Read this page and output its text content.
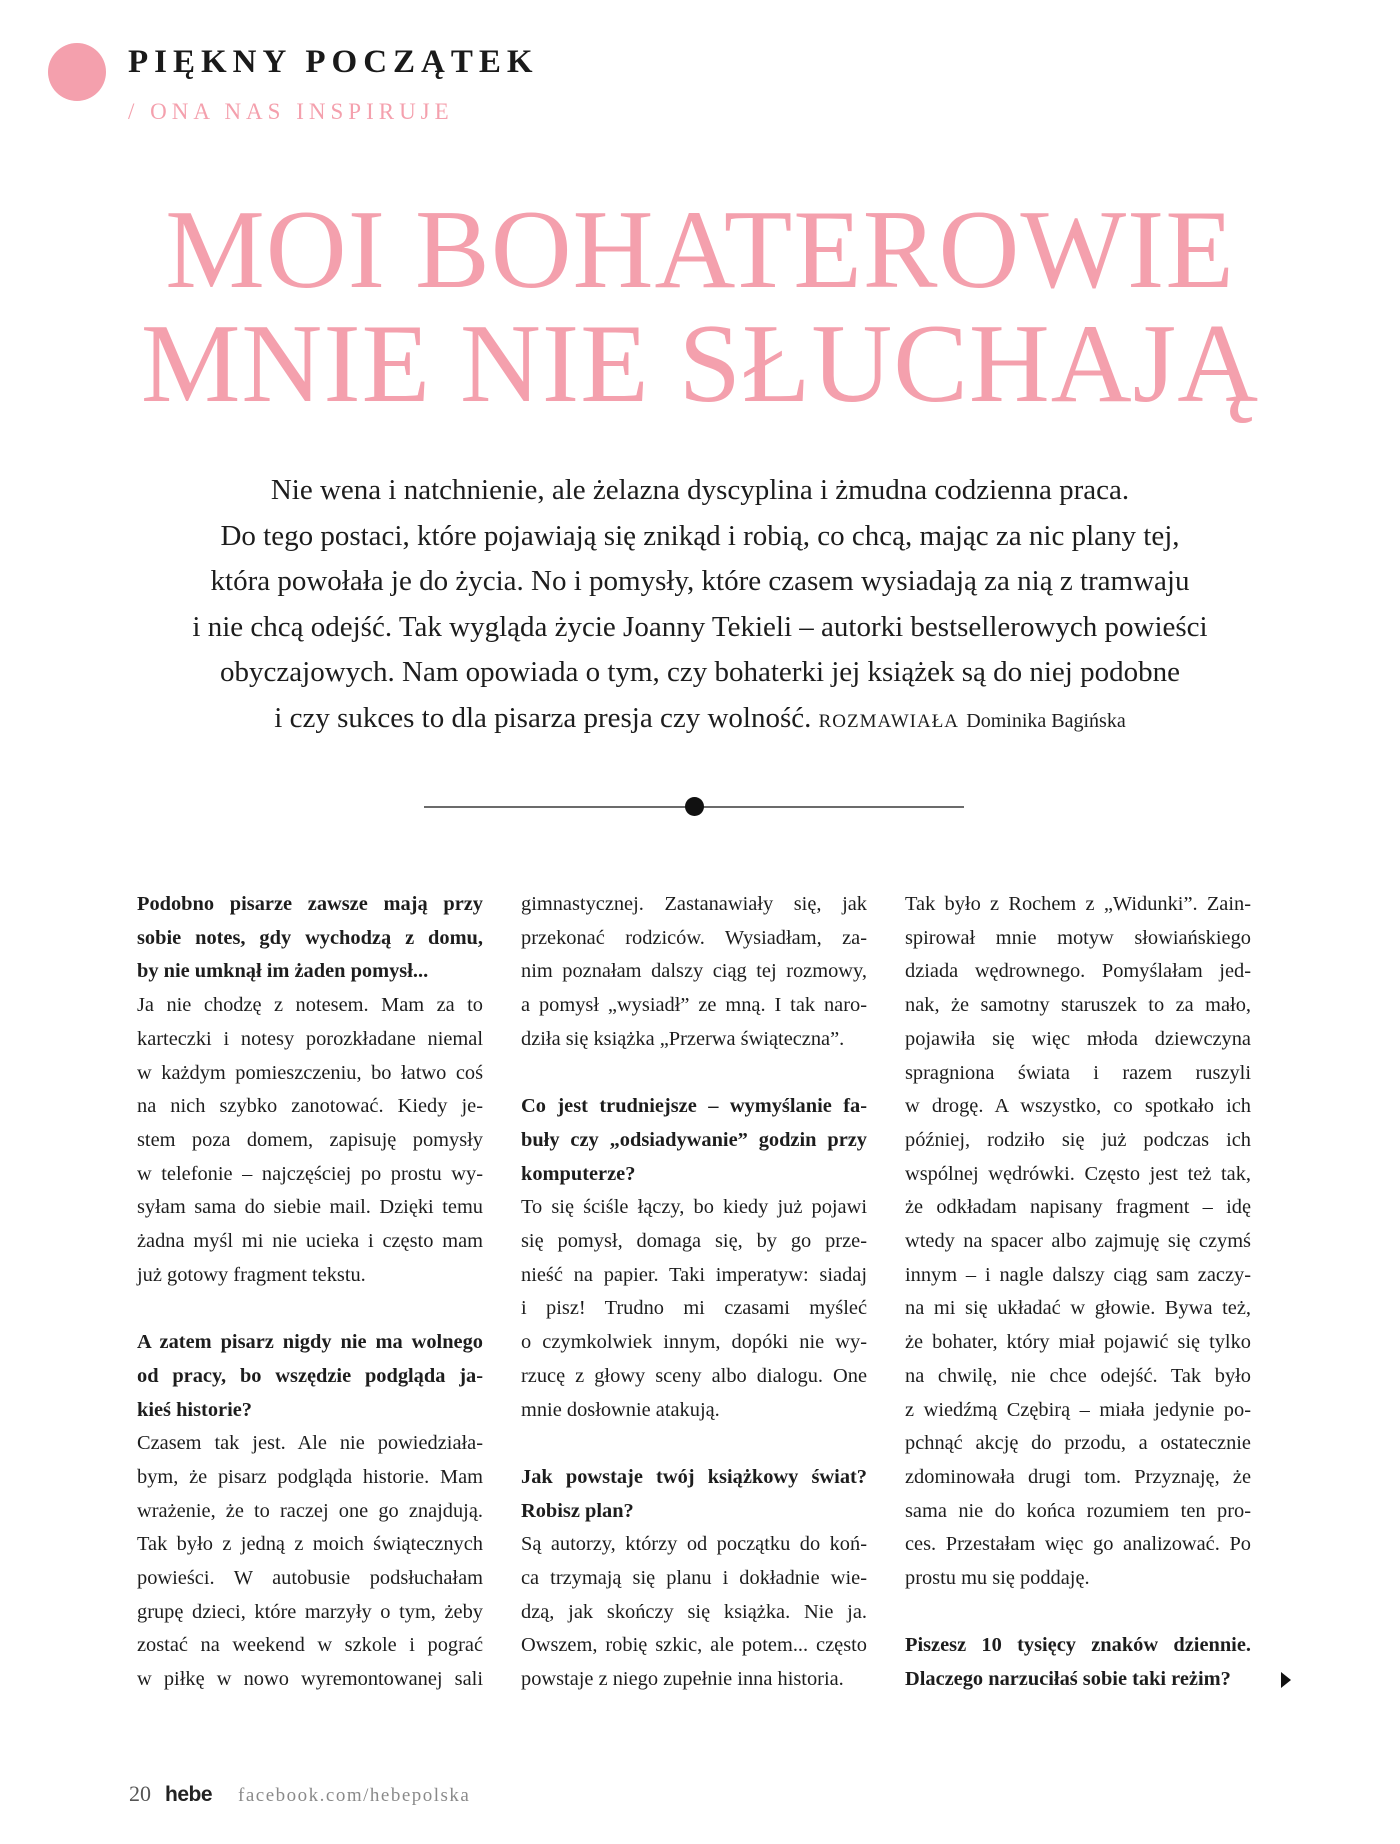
PIĘKNY POCZĄTEK
/ ONA NAS INSPIRUJE
MOI BOHATEROWIE
MNIE NIE SŁUCHAJĄ
Nie wena i natchnienie, ale żelazna dyscyplina i żmudna codzienna praca.
Do tego postaci, które pojawiają się znikąd i robią, co chcą, mając za nic plany tej,
która powołała je do życia. No i pomysły, które czasem wysiadają za nią z tramwaju
i nie chcą odejść. Tak wygląda życie Joanny Tekieli – autorki bestsellerowych powieści
obyczajowych. Nam opowiada o tym, czy bohaterki jej książek są do niej podobne
i czy sukces to dla pisarza presja czy wolność. ROZMAWIAŁA Dominika Bagińska

Podobno pisarze zawsze mają przy
sobie notes, gdy wychodzą z domu,
by nie umknął im żaden pomysł...

Ja nie chodzę z notesem. Mam za to
karteczki i notesy porozkładane niemal
w każdym pomieszczeniu, bo łatwo coś
na nich szybko zanotować. Kiedy je-
stem poza domem, zapisuję pomysły
w telefonie – najczęściej po prostu wy-
syłam sama do siebie mail. Dzięki temu
żadna myśl mi nie ucieka i często mam
już gotowy fragment tekstu.

A zatem pisarz nigdy nie ma wolnego
od pracy, bo wszędzie podgląda ja-
kieś historie?

Czasem tak jest. Ale nie powiedziała-
bym, że pisarz podgląda historie. Mam
wrażenie, że to raczej one go znajdują.
Tak było z jedną z moich świątecznych
powieści. W autobusie podsłuchałam
grupę dzieci, które marzyły o tym, żeby
zostać na weekend w szkole i pograć
w piłkę w nowo wyremontowanej sali

gimnastycznej. Zastanawiały się, jak
przekonać rodziców. Wysiadłam, za-
nim poznałam dalszy ciąg tej rozmowy,
a pomysł „wysiadł” ze mną. I tak naro-
dziła się książka „Przerwa świąteczna”.

Co jest trudniejsze – wymyślanie fa-
buły czy „odsiadywanie” godzin przy
komputerze?

To się ściśle łączy, bo kiedy już pojawi
się pomysł, domaga się, by go prze-
nieść na papier. Taki imperatyw: siadaj
i pisz! Trudno mi czasami myśleć
o czymkolwiek innym, dopóki nie wy-
rzucę z głowy sceny albo dialogu. One
mnie dosłownie atakują.

Jak powstaje twój książkowy świat?
Robisz plan?

Są autorzy, którzy od początku do koń-
ca trzymają się planu i dokładnie wie-
dzą, jak skończy się książka. Nie ja.
Owszem, robię szkic, ale potem... często
powstaje z niego zupełnie inna historia.

Tak było z Rochem z „Widunki”. Zain-
spirował mnie motyw słowiańskiego
dziada wędrownego. Pomyślałam jed-
nak, że samotny staruszek to za mało,
pojawiła się więc młoda dziewczyna
spragniona świata i razem ruszyli
w drogę. A wszystko, co spotkało ich
później, rodziło się już podczas ich
wspólnej wędrówki. Często jest też tak,
że odkładam napisany fragment – idę
wtedy na spacer albo zajmuję się czymś
innym – i nagle dalszy ciąg sam zaczy-
na mi się układać w głowie. Bywa też,
że bohater, który miał pojawić się tylko
na chwilę, nie chce odejść. Tak było
z wiedźmą Czębirą – miała jedynie po-
pchnąć akcję do przodu, a ostatecznie
zdominowała drugi tom. Przyznaję, że
sama nie do końca rozumiem ten pro-
ces. Przestałam więc go analizować. Po
prostu mu się poddaję.

Piszesz 10 tysięcy znaków dziennie.
Dlaczego narzuciłaś sobie taki reżim?

20 hebe facebook.com/hebepolska
